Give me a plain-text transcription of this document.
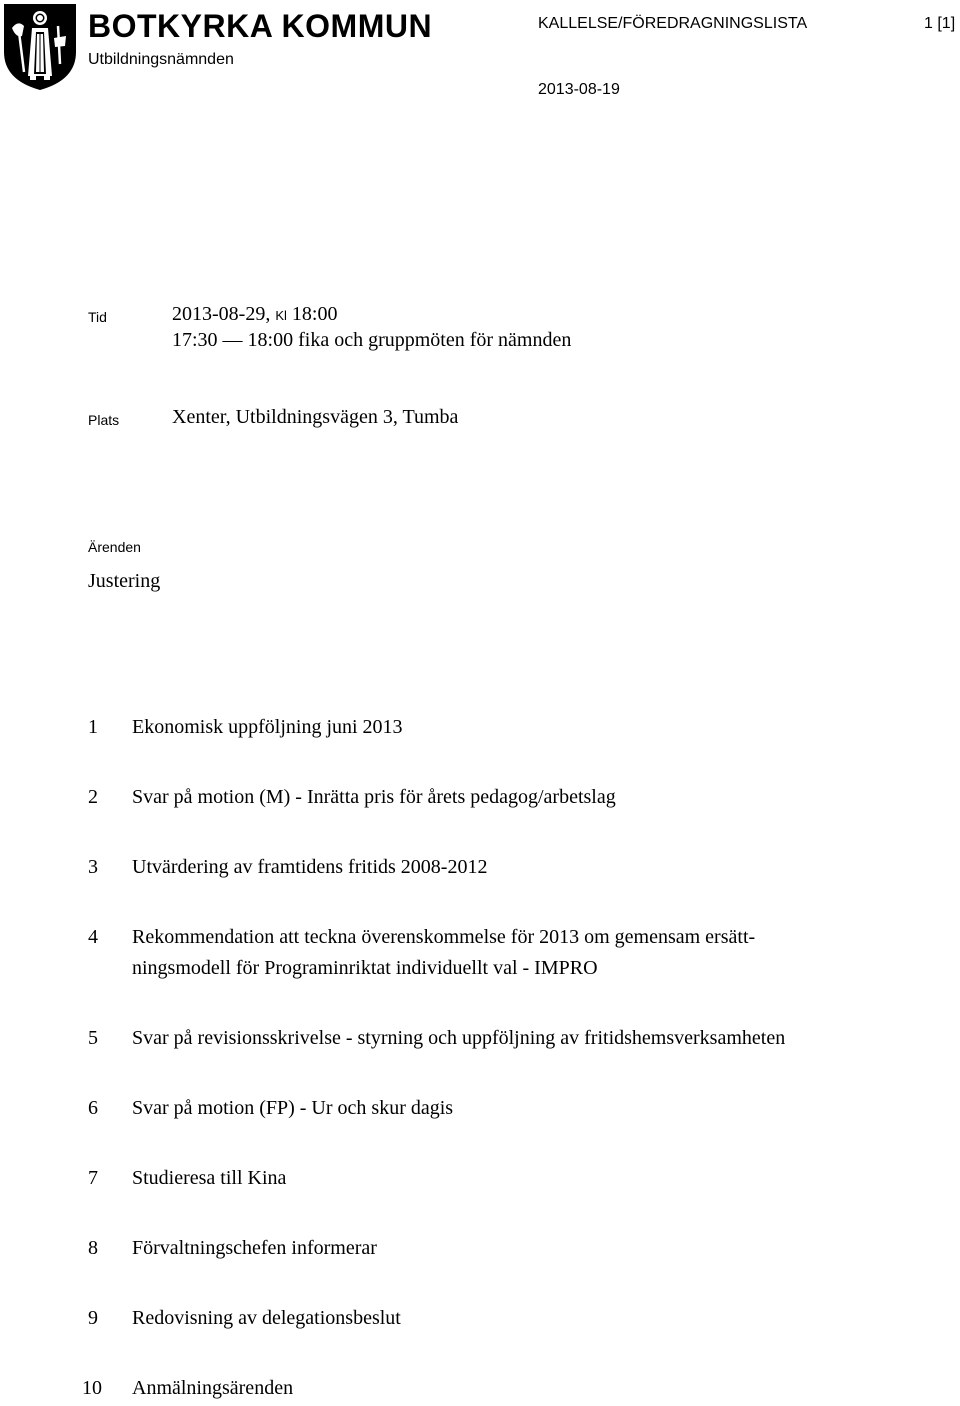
BOTKYRKA KOMMUN
Utbildningsnämnden
KALLELSE/FÖREDRAGNINGSLISTA	1 [1]
2013-08-19
Tid	2013-08-29, Kl 18:00
17:30 — 18:00 fika och gruppmöten för nämnden
Plats	Xenter, Utbildningsvägen 3, Tumba
Ärenden
Justering
1	Ekonomisk uppföljning juni 2013
2	Svar på motion (M) - Inrätta pris för årets pedagog/arbetslag
3	Utvärdering av framtidens fritids 2008-2012
4	Rekommendation att teckna överenskommelse för 2013 om gemensam ersätt-
ningsmodell för Programinriktat individuellt val - IMPRO
5	Svar på revisionsskrivelse - styrning och uppföljning av fritidshemsverksamheten
6	Svar på motion (FP) - Ur och skur dagis
7	Studieresa till Kina
8	Förvaltningschefen informerar
9	Redovisning av delegationsbeslut
10	Anmälningsärenden
